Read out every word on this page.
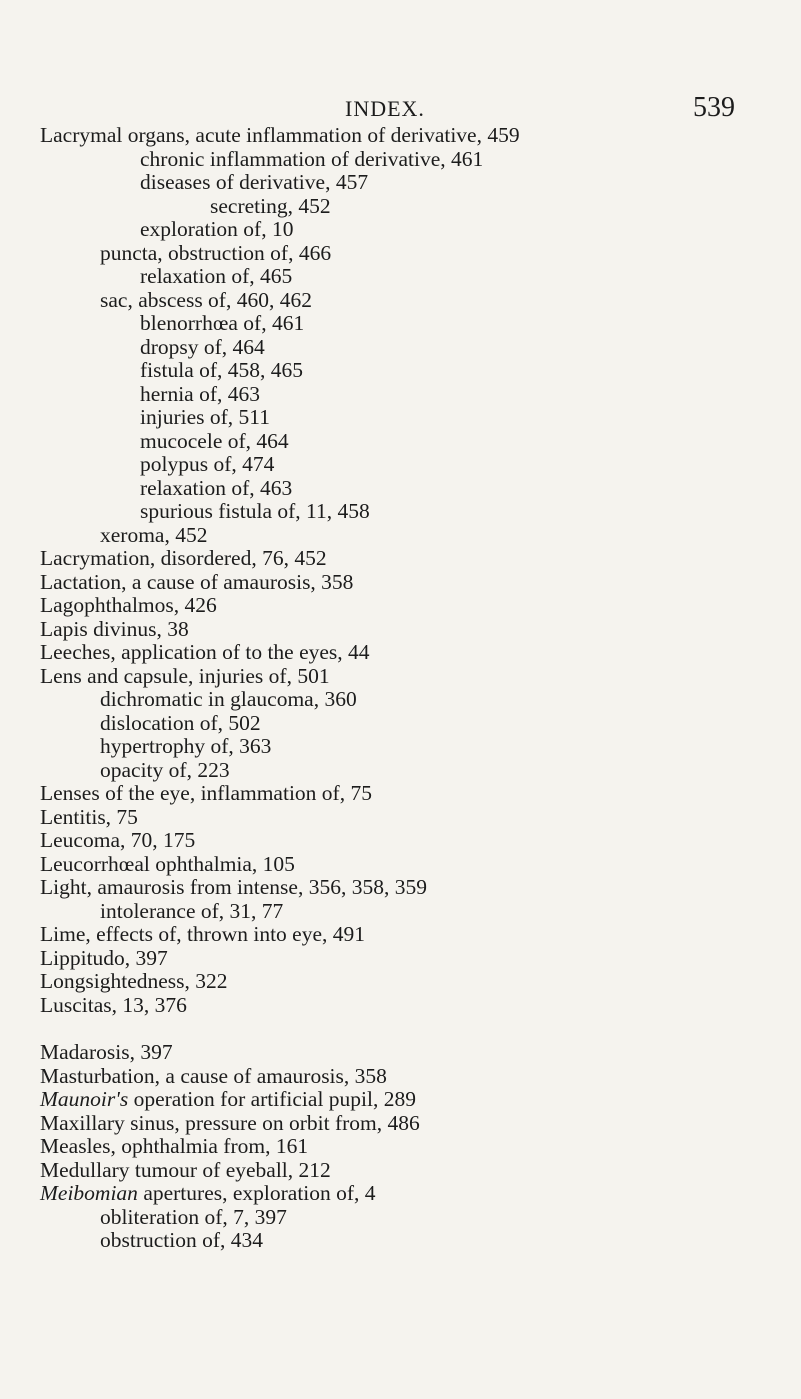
INDEX.	539
Lacrymal organs, acute inflammation of derivative, 459
chronic inflammation of derivative, 461
diseases of derivative, 457
secreting, 452
exploration of, 10
puncta, obstruction of, 466
relaxation of, 465
sac, abscess of, 460, 462
blenorrhœa of, 461
dropsy of, 464
fistula of, 458, 465
hernia of, 463
injuries of, 511
mucocele of, 464
polypus of, 474
relaxation of, 463
spurious fistula of, 11, 458
xeroma, 452
Lacrymation, disordered, 76, 452
Lactation, a cause of amaurosis, 358
Lagophthalmos, 426
Lapis divinus, 38
Leeches, application of to the eyes, 44
Lens and capsule, injuries of, 501
dichromatic in glaucoma, 360
dislocation of, 502
hypertrophy of, 363
opacity of, 223
Lenses of the eye, inflammation of, 75
Lentitis, 75
Leucoma, 70, 175
Leucorrhœal ophthalmia, 105
Light, amaurosis from intense, 356, 358, 359
intolerance of, 31, 77
Lime, effects of, thrown into eye, 491
Lippitudo, 397
Longsightedness, 322
Luscitas, 13, 376
Madarosis, 397
Masturbation, a cause of amaurosis, 358
Maunoir's operation for artificial pupil, 289
Maxillary sinus, pressure on orbit from, 486
Measles, ophthalmia from, 161
Medullary tumour of eyeball, 212
Meibomian apertures, exploration of, 4
obliteration of, 7, 397
obstruction of, 434
